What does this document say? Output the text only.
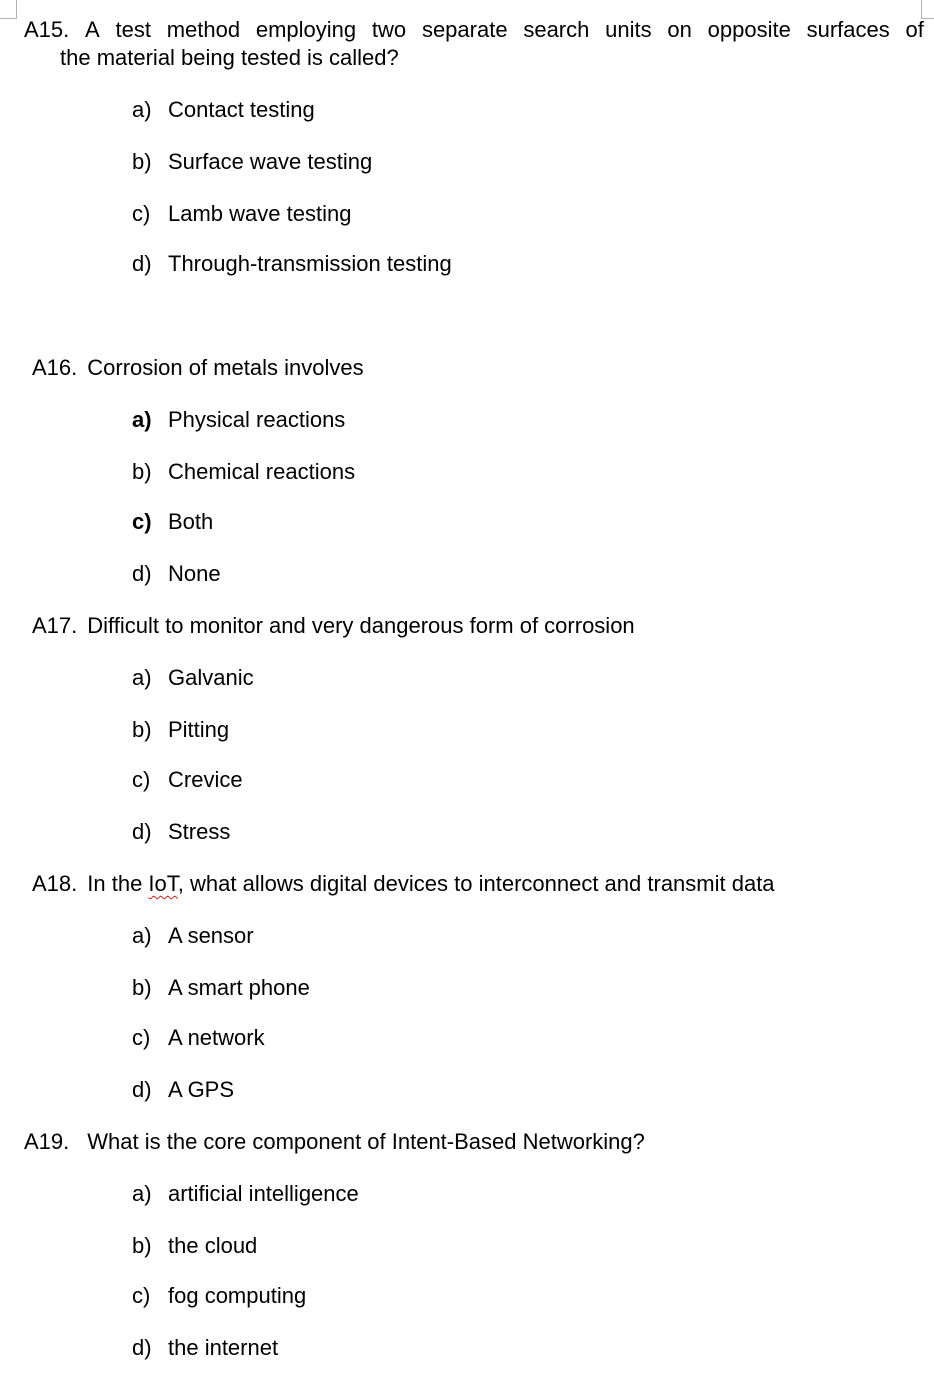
A15. A test method employing two separate search units on opposite surfaces of
the material being tested is called?
a) Contact testing
b) Surface wave testing
c) Lamb wave testing
d) Through-transmission testing
A16. Corrosion of metals involves
a) Physical reactions
b) Chemical reactions
c) Both
d) None
A17. Difficult to monitor and very dangerous form of corrosion
a) Galvanic
b) Pitting
c) Crevice
d) Stress
A18. In the IoT, what allows digital devices to interconnect and transmit data
a) A sensor
b) A smart phone
c) A network
d) A GPS
A19. What is the core component of Intent-Based Networking?
a) artificial intelligence
b) the cloud
c) fog computing
d) the internet
